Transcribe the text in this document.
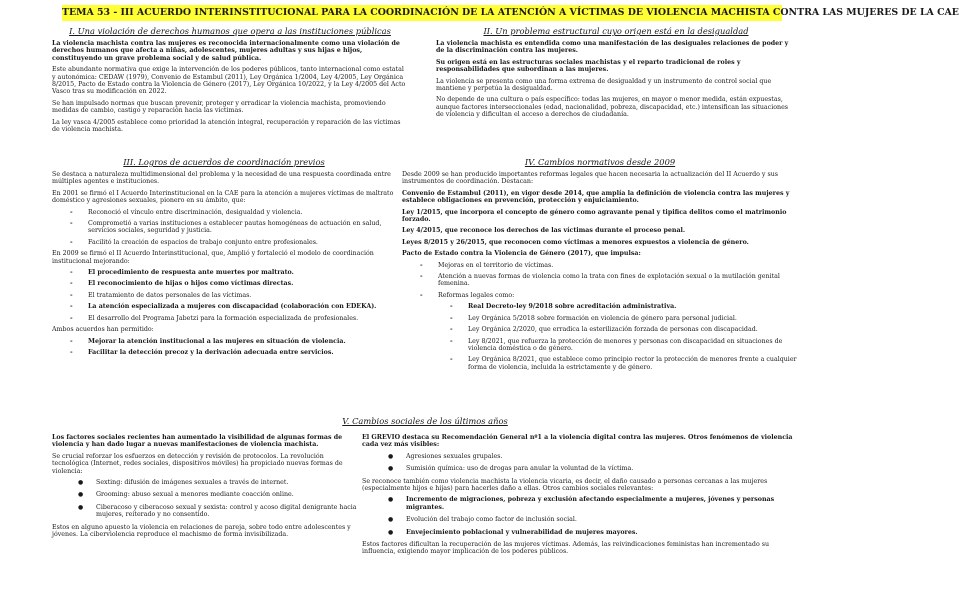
TEMA 53 - III ACUERDO INTERINSTITUCIONAL PARA LA COORDINACIÓN DE LA ATENCIÓN A VÍCTIMAS DE VIOLENCIA MACHISTA CONTRA LAS MUJERES DE LA CAE
I. Una violación de derechos humanos que opera a las instituciones públicas

La violencia machista contra las mujeres es reconocida internacionalmente como una violación de derechos humanos que afecta a niñas, adolescentes, mujeres adultas y sus hijas e hijos, constituyendo un grave problema social y de salud pública.

Este abundante normativa que exige la intervención de los poderes públicos, tanto internacional como estatal y autonómica: CEDAW (1979), Convenio de Estambul (2011), Ley Orgánica 1/2004, Ley 4/2005, Ley Orgánica 8/2015, Pacto de Estado contra la Violencia de Género (2017), Ley Orgánica 10/2022, y la Ley 4/2005 del Acto Vasco tras su modificación en 2022.

Se han impulsado normas que buscan prevenir, proteger y erradicar la violencia machista, promoviendo medidas de cambio, castigo y reparación hacia las víctimas.

La ley vasca 4/2005 establece como prioridad la atención integral, recuperación y reparación de las víctimas de violencia machista.

II. Un problema estructural cuyo origen está en la desigualdad

La violencia machista es entendida como una manifestación de las desiguales relaciones de poder y de la discriminación contra las mujeres.

Su origen está en las estructuras sociales machistas y el reparto tradicional de roles y responsabilidades que subordinan a las mujeres.

La violencia se presenta como una forma extrema de desigualdad y un instrumento de control social que mantiene y perpetúa la desigualdad.

No depende de una cultura o país específico: todas las mujeres, en mayor o menor medida, están expuestas, aunque factores interseccionales (edad, nacionalidad, pobreza, discapacidad, etc.) intensifican las situaciones de violencia y dificultan el acceso a derechos de ciudadanía.

III. Logros de acuerdos de coordinación previos

Se destaca a naturaleza multidimensional del problema y la necesidad de una respuesta coordinada entre múltiples agentes e instituciones.

En 2001 se firmó el I Acuerdo Interinstitucional en la CAE para la atención a mujeres víctimas de maltrato doméstico y agresiones sexuales, pionero en su ámbito, que:

- Reconoció el vínculo entre discriminación, desigualdad y violencia.
- Comprometió a varias instituciones a establecer pautas homogéneas de actuación en salud, servicios sociales, seguridad y justicia.
- Facilitó la creación de espacios de trabajo conjunto entre profesionales.

En 2009 se firmó el II Acuerdo Interinstitucional, que, Amplió y fortaleció el modelo de coordinación institucional mejorando:

- El procedimiento de respuesta ante muertes por maltrato.
- El reconocimiento de hijas o hijos como víctimas directas.
- El tratamiento de datos personales de las víctimas.
- La atención especializada a mujeres con discapacidad (colaboración con EDEKA).
- El desarrollo del Programa Jabetzi para la formación especializada de profesionales.

Ambos acuerdos han permitido:

- Mejorar la atención institucional a las mujeres en situación de violencia.
- Facilitar la detección precoz y la derivación adecuada entre servicios.
IV. Cambios normativos desde 2009

Desde 2009 se han producido importantes reformas legales que hacen necesaria la actualización del II Acuerdo y sus instrumentos de coordinación. Destacan:

Convenio de Estambul (2011), en vigor desde 2014, que amplía la definición de violencia contra las mujeres y establece obligaciones en prevención, protección y enjuiciamiento.

Ley 1/2015, que incorpora el concepto de género como agravante penal y tipifica delitos como el matrimonio forzado.

Ley 4/2015, que reconoce los derechos de las víctimas durante el proceso penal.

Leyes 8/2015 y 26/2015, que reconocen como víctimas a menores expuestos a violencia de género.

Pacto de Estado contra la Violencia de Género (2017), que impulsa:

- Mejoras en el territorio de víctimas.
- Atención a nuevas formas de violencia como la trata con fines de explotación sexual o la mutilación genital femenina.
- Reformas legales como:
- Real Decreto-ley 9/2018 sobre acreditación administrativa.
- Ley Orgánica 5/2018 sobre formación en violencia de género para personal judicial.
- Ley Orgánica 2/2020, que erradica la esterilización forzada de personas con discapacidad.
- Ley 8/2021, que refuerza la protección de menores y personas con discapacidad en situaciones de violencia doméstica o de género.
- Ley Orgánica 8/2021, que establece como principio rector la protección de menores frente a cualquier forma de violencia, incluida la estrictamente y de género.
V. Cambios sociales de los últimos años

Los factores sociales recientes han aumentado la visibilidad de algunas formas de violencia y han dado lugar a nuevas manifestaciones de violencia machista.

Se crucial reforzar los esfuerzos en detección y revisión de protocolos. La revolución tecnológica (Internet, redes sociales, dispositivos móviles) ha propiciado nuevas formas de violencia:

● Sexting: difusión de imágenes sexuales a través de internet.
● Grooming: abuso sexual a menores mediante coacción online.
● Ciberacoso y ciberacoso sexual y sexista: control y acoso digital denigrante hacia mujeres, reiterado y no consentido.

Estos en alguno apuesto la violencia en relaciones de pareja, sobre todo entre adolescentes y jóvenes. La ciberviolencia reproduce el machismo de forma invisibilizada.

El GREVIO destaca su Recomendación General nº1 a la violencia digital contra las mujeres. Otros fenómenos de violencia cada vez más visibles:

● Agresiones sexuales grupales.
● Sumisión química: uso de drogas para anular la voluntad de la víctima.

Se reconoce también como violencia machista la violencia vicaria, es decir, el daño causado a personas cercanas a las mujeres (especialmente hijos e hijas) para hacerles daño a ellas. Otros cambios sociales relevantes:

● Incremento de migraciones, pobreza y exclusión afectando especialmente a mujeres, jóvenes y personas migrantes.
● Evolución del trabajo como factor de inclusión social.
● Envejecimiento poblacional y vulnerabilidad de mujeres mayores.

Estos factores dificultan la recuperación de las mujeres víctimas. Además, las reivindicaciones feministas han incrementado su influencia, exigiendo mayor implicación de los poderes públicos.
